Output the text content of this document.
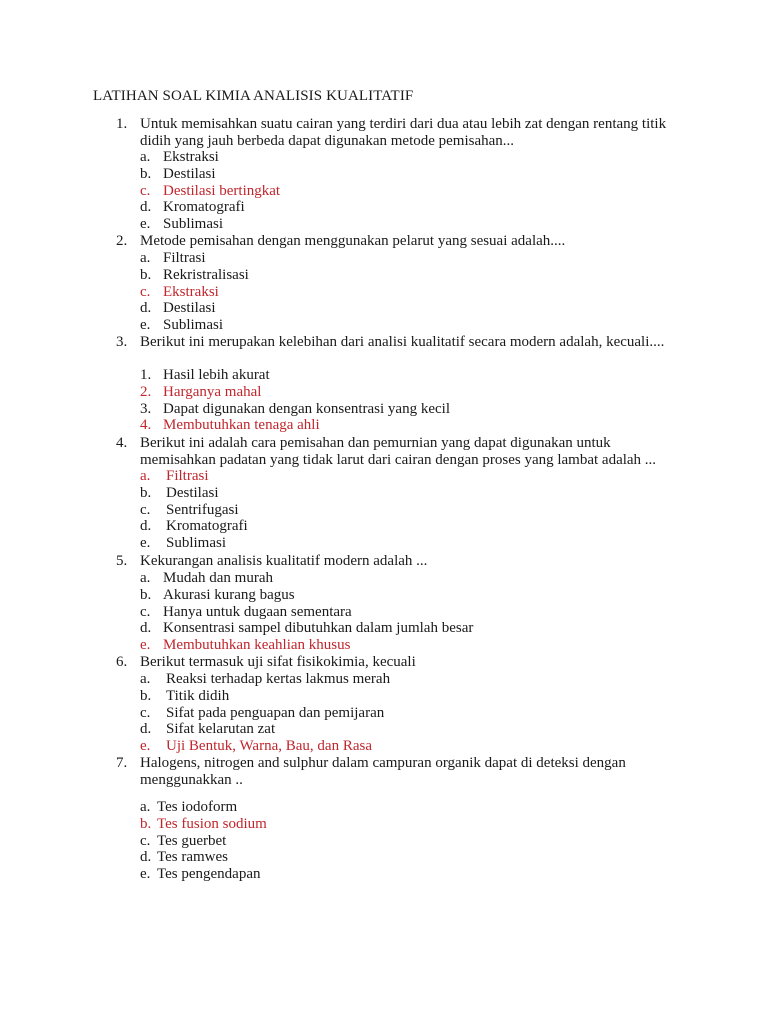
LATIHAN SOAL KIMIA ANALISIS KUALITATIF
1. Untuk memisahkan suatu cairan yang terdiri dari dua atau lebih zat dengan rentang titik didih yang jauh berbeda dapat digunakan metode pemisahan...
a. Ekstraksi
b. Destilasi
c. Destilasi bertingkat
d. Kromatografi
e. Sublimasi
2. Metode pemisahan dengan menggunakan pelarut yang sesuai adalah....
a. Filtrasi
b. Rekristralisasi
c. Ekstraksi
d. Destilasi
e. Sublimasi
3. Berikut ini merupakan kelebihan dari analisi kualitatif secara modern adalah, kecuali....
1. Hasil lebih akurat
2. Harganya mahal
3. Dapat digunakan dengan konsentrasi yang kecil
4. Membutuhkan tenaga ahli
4. Berikut ini adalah cara pemisahan dan pemurnian yang dapat digunakan untuk memisahkan padatan yang tidak larut dari cairan dengan proses yang lambat adalah ...
a. Filtrasi
b. Destilasi
c. Sentrifugasi
d. Kromatografi
e. Sublimasi
5. Kekurangan analisis kualitatif modern adalah ...
a. Mudah dan murah
b. Akurasi kurang bagus
c. Hanya untuk dugaan sementara
d. Konsentrasi sampel dibutuhkan dalam jumlah besar
e. Membutuhkan keahlian khusus
6. Berikut termasuk uji sifat fisikokimia, kecuali
a. Reaksi terhadap kertas lakmus merah
b. Titik didih
c. Sifat pada penguapan dan pemijaran
d. Sifat kelarutan zat
e. Uji Bentuk, Warna, Bau, dan Rasa
7. Halogens, nitrogen and sulphur dalam campuran organik dapat di deteksi dengan menggunakkan ..
a. Tes iodoform
b. Tes fusion sodium
c. Tes guerbet
d. Tes ramwes
e. Tes pengendapan
